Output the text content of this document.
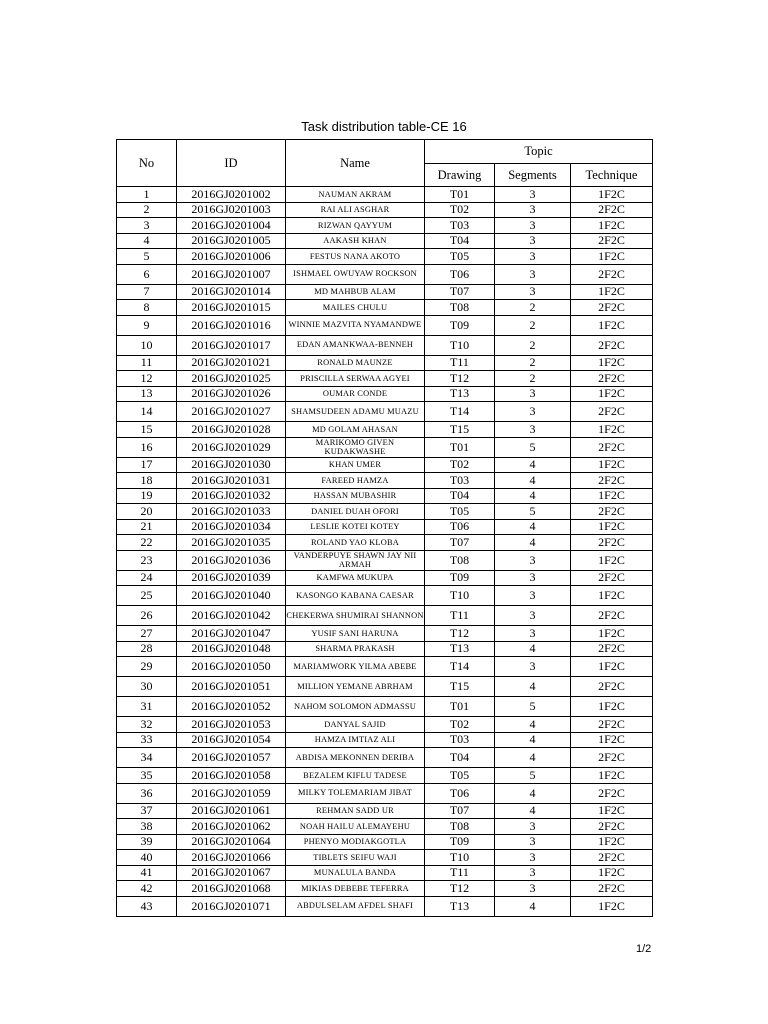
Task distribution table-CE 16
No	ID	Name	Topic		
			Drawing	Segments	Technique
1	2016GJ0201002	NAUMAN AKRAM	T01	3	1F2C
2	2016GJ0201003	RAI ALI ASGHAR	T02	3	2F2C
3	2016GJ0201004	RIZWAN QAYYUM	T03	3	1F2C
4	2016GJ0201005	AAKASH KHAN	T04	3	2F2C
5	2016GJ0201006	FESTUS NANA AKOTO	T05	3	1F2C
6	2016GJ0201007	ISHMAEL OWUYAW ROCKSON	T06	3	2F2C
7	2016GJ0201014	MD MAHBUB ALAM	T07	3	1F2C
8	2016GJ0201015	MAILES CHULU	T08	2	2F2C
9	2016GJ0201016	WINNIE MAZVITA NYAMANDWE	T09	2	1F2C
10	2016GJ0201017	EDAN AMANKWAA-BENNEH	T10	2	2F2C
11	2016GJ0201021	RONALD MAUNZE	T11	2	1F2C
12	2016GJ0201025	PRISCILLA SERWAA AGYEI	T12	2	2F2C
13	2016GJ0201026	OUMAR CONDE	T13	3	1F2C
14	2016GJ0201027	SHAMSUDEEN ADAMU MUAZU	T14	3	2F2C
15	2016GJ0201028	MD GOLAM AHASAN	T15	3	1F2C
16	2016GJ0201029	MARIKOMO GIVEN KUDAKWASHE	T01	5	2F2C
17	2016GJ0201030	KHAN UMER	T02	4	1F2C
18	2016GJ0201031	FAREED HAMZA	T03	4	2F2C
19	2016GJ0201032	HASSAN MUBASHIR	T04	4	1F2C
20	2016GJ0201033	DANIEL DUAH OFORI	T05	5	2F2C
21	2016GJ0201034	LESLIE KOTEI KOTEY	T06	4	1F2C
22	2016GJ0201035	ROLAND YAO KLOBA	T07	4	2F2C
23	2016GJ0201036	VANDERPUYE SHAWN JAY NII ARMAH	T08	3	1F2C
24	2016GJ0201039	KAMFWA MUKUPA	T09	3	2F2C
25	2016GJ0201040	KASONGO KABANA CAESAR	T10	3	1F2C
26	2016GJ0201042	CHEKERWA SHUMIRAI SHANNON	T11	3	2F2C
27	2016GJ0201047	YUSIF SANI HARUNA	T12	3	1F2C
28	2016GJ0201048	SHARMA PRAKASH	T13	4	2F2C
29	2016GJ0201050	MARIAMWORK YILMA ABEBE	T14	3	1F2C
30	2016GJ0201051	MILLION YEMANE ABRHAM	T15	4	2F2C
31	2016GJ0201052	NAHOM SOLOMON ADMASSU	T01	5	1F2C
32	2016GJ0201053	DANYAL SAJID	T02	4	2F2C
33	2016GJ0201054	HAMZA IMTIAZ ALI	T03	4	1F2C
34	2016GJ0201057	ABDISA MEKONNEN DERIBA	T04	4	2F2C
35	2016GJ0201058	BEZALEM KIFLU TADESE	T05	5	1F2C
36	2016GJ0201059	MILKY TOLEMARIAM JIBAT	T06	4	2F2C
37	2016GJ0201061	REHMAN SADD UR	T07	4	1F2C
38	2016GJ0201062	NOAH HAILU ALEMAYEHU	T08	3	2F2C
39	2016GJ0201064	PHENYO MODIAKGOTLA	T09	3	1F2C
40	2016GJ0201066	TIBLETS SEIFU WAJI	T10	3	2F2C
41	2016GJ0201067	MUNALULA BANDA	T11	3	1F2C
42	2016GJ0201068	MIKIAS DEBEBE TEFERRA	T12	3	2F2C
43	2016GJ0201071	ABDULSELAM AFDEL SHAFI	T13	4	1F2C
1/2
